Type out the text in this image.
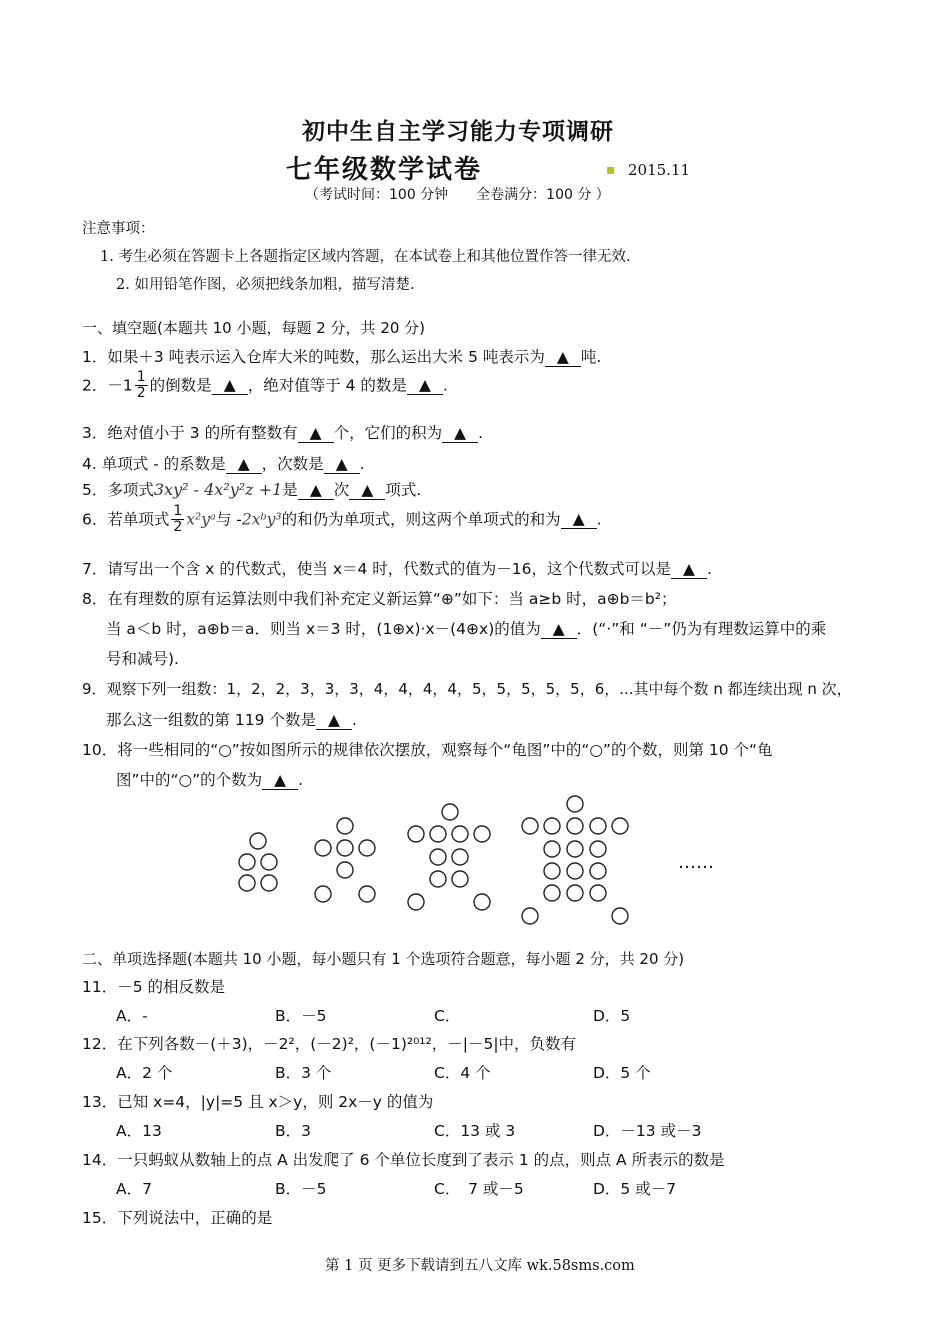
初中生自主学习能力专项调研
七年级数学试卷	▪ 2015.11
（考试时间：100 分钟　　全卷满分：100 分 ）
注意事项：
1. 考生必须在答题卡上各题指定区域内答题，在本试卷上和其他位置作答一律无效.
2. 如用铅笔作图，必须把线条加粗，描写清楚.
一、填空题(本题共 10 小题，每题 2 分，共 20 分)
1．如果＋3 吨表示运入仓库大米的吨数，那么运出大米 5 吨表示为 ▲ 吨.
2．$-1 \frac{1}{2}$ 的倒数是 ▲ ，绝对值等于 4 的数是 ▲ .
3．绝对值小于 3 的所有整数有 ▲ 个，它们的积为 ▲ .
4. 单项式 - 的系数是 ▲ ，次数是 ▲ .
5．多项式3xy² - 4x²y²z +1是 ▲ 次 ▲ 项式.
6．若单项式 $\frac{1}{2}$ x²yᵃ与 -2xᵇy³的和仍为单项式，则这两个单项式的和为 ▲ .
7．请写出一个含 x 的代数式，使当 x＝4 时，代数式的值为－16，这个代数式可以是 ▲ .
8．在有理数的原有运算法则中我们补充定义新运算“⊕”如下：当 a≥b 时，a⊕b＝b²；
当 a＜b 时，a⊕b＝a．则当 x＝3 时，(1⊕x)·x－(4⊕x)的值为 ▲ ．(“·”和 “－”仍为有理数运算中的乘
号和减号).
9．观察下列一组数：1，2，2，3，3，3，4，4，4，4，5，5，5，5，5，6，...其中每个数 n 都连续出现 n 次，
那么这一组数的第 119 个数是 ▲ .
10．将一些相同的“○”按如图所示的规律依次摆放，观察每个“龟图”中的“○”的个数，则第 10 个“龟
图”中的“○”的个数为 ▲ .
……
二、单项选择题(本题共 10 小题，每小题只有 1 个选项符合题意，每小题 2 分，共 20 分)
11．－5 的相反数是
A．-	B．－5	C．	D．5
12．在下列各数－(＋3)，－2²，(－2)²，(－1)²⁰¹²，－|－5|中，负数有
A．2 个	B．3 个	C．4 个	D．5 个
13．已知 x=4，|y|=5 且 x＞y，则 2x－y 的值为
A．13	B．3	C．13 或 3	D．－13 或－3
14．一只蚂蚁从数轴上的点 A 出发爬了 6 个单位长度到了表示 1 的点，则点 A 所表示的数是
A．7	B．－5	C．　7 或－5	D．5 或－7
15．下列说法中，正确的是
第 1 页 更多下载请到五八文库 wk.58sms.com
